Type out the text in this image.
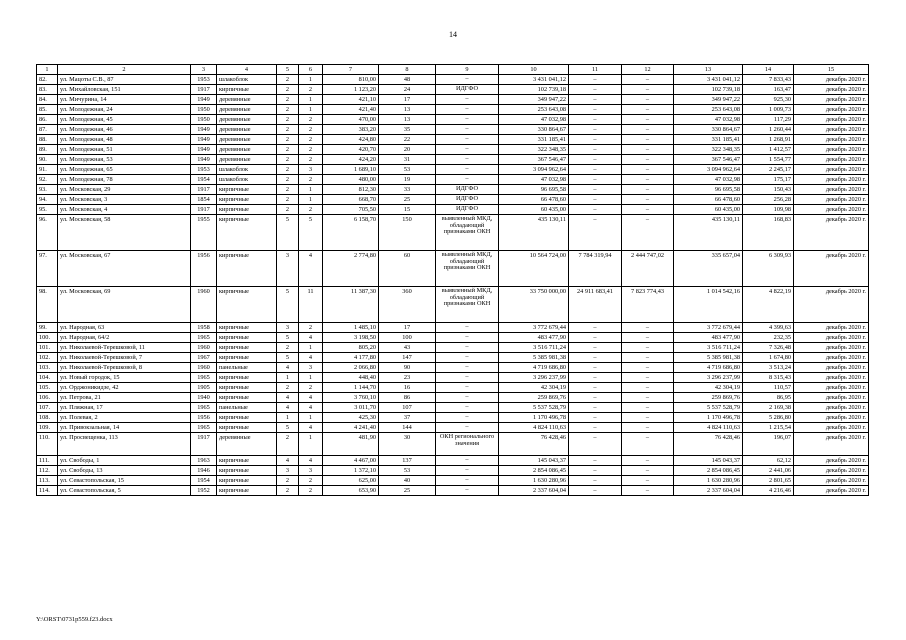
14
1	2	3	4	5	6	7	8	9	10	11	12	13	14	15
82.	ул. Мацоты С.В., 87	1953	шлакоблок	2	1	810,00	48	–	3 431 041,12	–	–	3 431 041,12	7 833,43	декабрь 2020 г.
83.	ул. Михайловская, 151	1917	кирпичные	2	2	1 123,20	24	ИДГФО	102 739,18	–	–	102 739,18	163,47	декабрь 2020 г.
84.	ул. Мичурина, 14	1949	деревянные	2	1	421,10	17	–	349 947,22	–	–	349 947,22	925,30	декабрь 2020 г.
85.	ул. Молодежная, 24	1950	деревянные	2	1	421,40	13	–	253 643,08	–	–	253 643,08	1 009,73	декабрь 2020 г.
86.	ул. Молодежная, 45	1950	деревянные	2	2	470,00	13	–	47 032,98	–	–	47 032,98	117,29	декабрь 2020 г.
87.	ул. Молодежная, 46	1949	деревянные	2	2	383,20	35	–	330 864,67	–	–	330 864,67	1 260,44	декабрь 2020 г.
88.	ул. Молодежная, 48	1949	деревянные	2	2	424,80	22	–	331 185,41	–	–	331 185,41	1 268,91	декабрь 2020 г.
89.	ул. Молодежная, 51	1949	деревянные	2	2	420,70	20	–	322 348,35	–	–	322 348,35	1 412,57	декабрь 2020 г.
90.	ул. Молодежная, 53	1949	деревянные	2	2	424,20	31	–	367 546,47	–	–	367 546,47	1 554,77	декабрь 2020 г.
91.	ул. Молодежная, 65	1953	шлакоблок	2	3	1 689,10	53	–	3 094 962,64	–	–	3 094 962,64	2 245,17	декабрь 2020 г.
92.	ул. Молодежная, 78	1954	шлакоблок	2	2	480,00	19	–	47 032,98	–	–	47 032,98	175,17	декабрь 2020 г.
93.	ул. Московская, 29	1917	кирпичные	2	1	812,30	33	ИДГФО	96 695,58	–	–	96 695,58	150,43	декабрь 2020 г.
94.	ул. Московская, 3	1854	кирпичные	2	1	668,70	25	ИДГФО	66 478,60	–	–	66 478,60	256,28	декабрь 2020 г.
95.	ул. Московская, 4	1917	кирпичные	2	2	705,50	15	ИДГФО	60 435,00	–	–	60 435,00	109,98	декабрь 2020 г.
96.	ул. Московская, 58	1955	кирпичные	5	5	6 158,70	150	выявленный МКД, обладающий признаками ОКН	435 130,11	–	–	435 130,11	168,83	декабрь 2020 г.
97.	ул. Московская, 67	1956	кирпичные	3	4	2 774,80	60	выявленный МКД, обладающий признаками ОКН	10 564 724,00	7 784 319,94	2 444 747,02	335 657,04	6 309,93	декабрь 2020 г.
98.	ул. Московская, 69	1960	кирпичные	5	11	11 387,30	360	выявленный МКД, обладающий признаками ОКН	33 750 000,00	24 911 683,41	7 823 774,43	1 014 542,16	4 822,19	декабрь 2020 г.
99.	ул. Народная, 63	1958	кирпичные	3	2	1 485,10	17	–	3 772 679,44	–	–	3 772 679,44	4 399,63	декабрь 2020 г.
100.	ул. Народная, 64/2	1965	кирпичные	5	4	3 198,50	100	–	483 477,90	–	–	483 477,90	232,35	декабрь 2020 г.
101.	ул. Николаевой-Терешковой, 11	1960	кирпичные	2	1	805,20	43	–	3 516 711,24	–	–	3 516 711,24	7 326,48	декабрь 2020 г.
102.	ул. Николаевой-Терешковой, 7	1967	кирпичные	5	4	4 177,80	147	–	5 385 981,38	–	–	5 385 981,38	1 674,80	декабрь 2020 г.
103.	ул. Николаевой-Терешковой, 8	1960	панельные	4	3	2 066,80	90	–	4 719 686,80	–	–	4 719 686,80	3 513,24	декабрь 2020 г.
104.	ул. Новый городок, 15	1965	кирпичные	1	1	448,40	23	–	3 296 237,99	–	–	3 296 237,99	8 315,43	декабрь 2020 г.
105.	ул. Орджоникидзе, 42	1905	кирпичные	2	2	1 144,70	16	–	42 304,19	–	–	42 304,19	110,57	декабрь 2020 г.
106.	ул. Петрова, 21	1940	кирпичные	4	4	3 760,10	86	–	259 869,76	–	–	259 869,76	86,95	декабрь 2020 г.
107.	ул. Пляжная, 17	1965	панельные	4	4	3 011,70	107	–	5 537 528,79	–	–	5 537 528,79	2 169,38	декабрь 2020 г.
108.	ул. Полевая, 2	1956	кирпичные	1	1	425,30	37	–	1 170 496,78	–	–	1 170 496,78	5 286,80	декабрь 2020 г.
109.	ул. Привокзальная, 14	1965	кирпичные	5	4	4 241,40	144	–	4 824 110,63	–	–	4 824 110,63	1 215,54	декабрь 2020 г.
110.	ул. Просвещенка, 113	1917	деревянные	2	1	481,90	30	ОКН регионального значения	76 428,46	–	–	76 428,46	196,07	декабрь 2020 г.
111.	ул. Свободы, 1	1963	кирпичные	4	4	4 467,00	137	–	145 043,37	–	–	145 043,37	62,12	декабрь 2020 г.
112.	ул. Свободы, 13	1946	кирпичные	3	3	1 372,10	53	–	2 854 086,45	–	–	2 854 086,45	2 441,06	декабрь 2020 г.
113.	ул. Севастопольская, 15	1954	кирпичные	2	2	625,00	40	–	1 630 280,96	–	–	1 630 280,96	2 801,65	декабрь 2020 г.
114.	ул. Севастопольская, 5	1952	кирпичные	2	2	653,90	25	–	2 337 604,04	–	–	2 337 604,04	4 216,46	декабрь 2020 г.
Y:\ORST\0731p559.f23.docx
